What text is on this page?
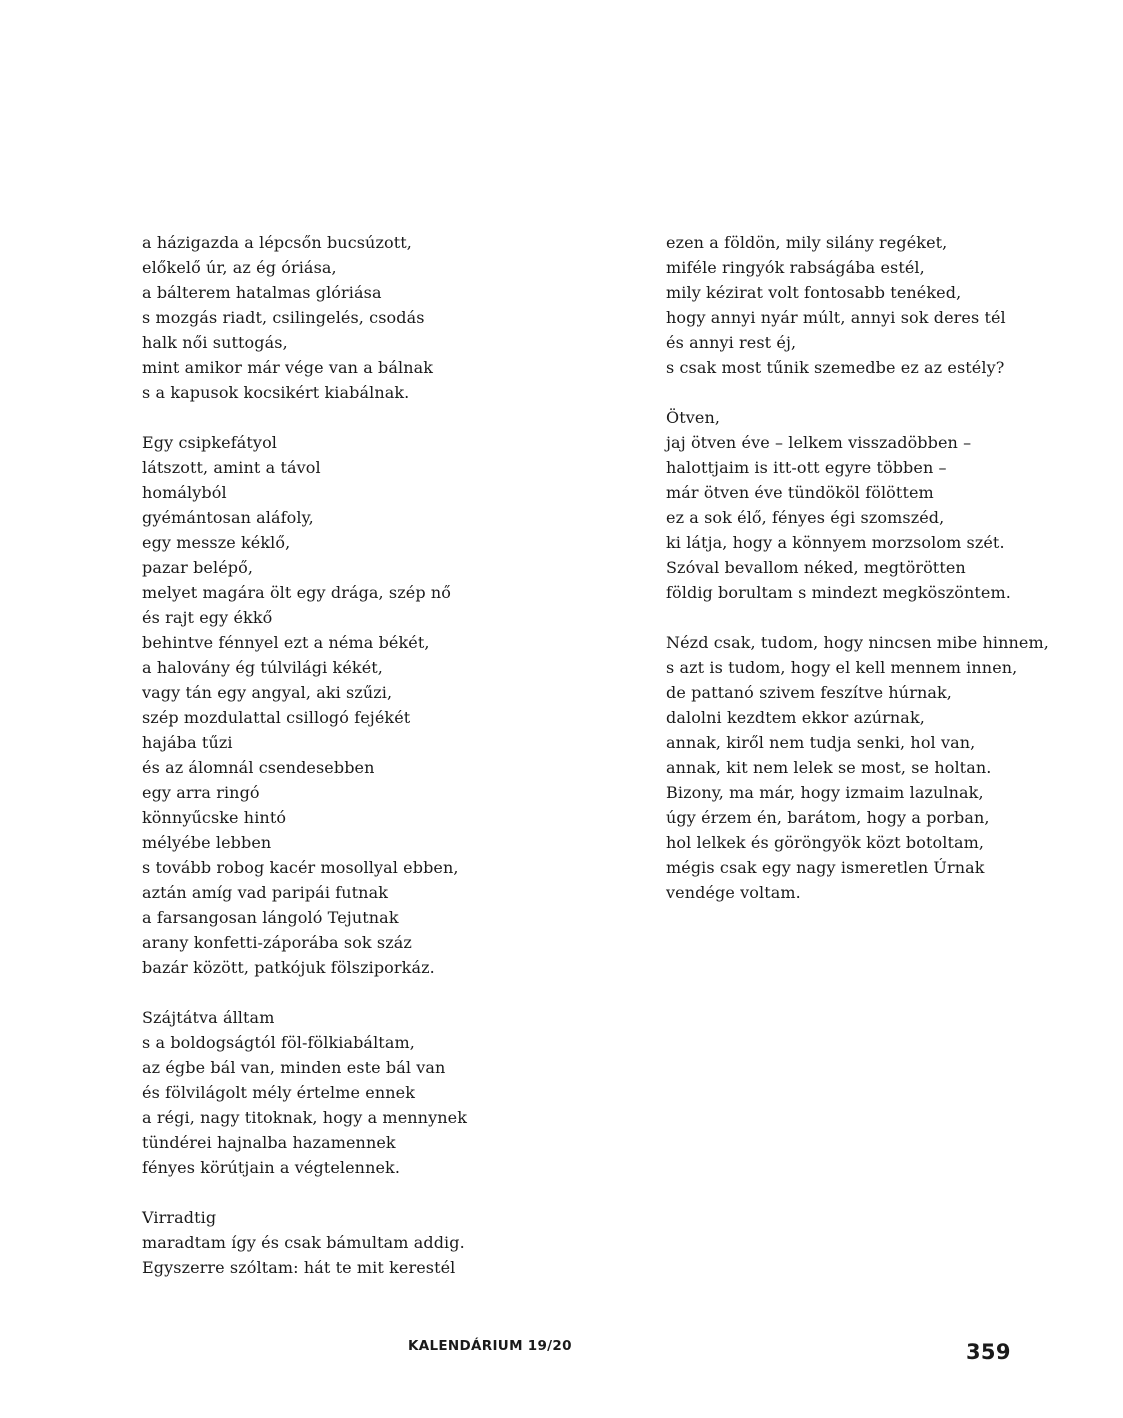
a házigazda a lépcsőn bucsúzott,
előkelő úr, az ég óriása,
a bálterem hatalmas glóriása
s mozgás riadt, csilingelés, csodás
halk női suttogás,
mint amikor már vége van a bálnak
s a kapusok kocsikért kiabálnak.
Egy csipkefátyol
látszott, amint a távol
homályból
gyémántosan aláfoly,
egy messze kéklő,
pazar belépő,
melyet magára ölt egy drága, szép nő
és rajt egy ékkő
behintve fénnyel ezt a néma békét,
a halovány ég túlvilági kékét,
vagy tán egy angyal, aki szűzi,
szép mozdulattal csillogó fejékét
hajába tűzi
és az álomnál csendesebben
egy arra ringó
könnyűcske hintó
mélyébe lebben
s tovább robog kacér mosollyal ebben,
aztán amíg vad paripái futnak
a farsangosan lángoló Tejutnak
arany konfetti-záporába sok száz
bazár között, patkójuk fölsziporkáz.
Szájtátva álltam
s a boldogságtól föl-fölkiabáltam,
az égbe bál van, minden este bál van
és fölvilágolt mély értelme ennek
a régi, nagy titoknak, hogy a mennynek
tündérei hajnalba hazamennek
fényes körútjain a végtelennek.
Virradtig
maradtam így és csak bámultam addig.
Egyszerre szóltam: hát te mit kerestél
ezen a földön, mily silány regéket,
miféle ringyók rabságába estél,
mily kézirat volt fontosabb tenéked,
hogy annyi nyár múlt, annyi sok deres tél
és annyi rest éj,
s csak most tűnik szemedbe ez az estély?
Ötven,
jaj ötven éve – lelkem visszadöbben –
halottjaim is itt-ott egyre többen –
már ötven éve tündököl fölöttem
ez a sok élő, fényes égi szomszéd,
ki látja, hogy a könnyem morzsolom szét.
Szóval bevallom néked, megtörötten
földig borultam s mindezt megköszöntem.
Nézd csak, tudom, hogy nincsen mibe hinnem,
s azt is tudom, hogy el kell mennem innen,
de pattanó szivem feszítve húrnak,
dalolni kezdtem ekkor azúrnak,
annak, kiről nem tudja senki, hol van,
annak, kit nem lelek se most, se holtan.
Bizony, ma már, hogy izmaim lazulnak,
úgy érzem én, barátom, hogy a porban,
hol lelkek és göröngyök közt botoltam,
mégis csak egy nagy ismeretlen Úrnak
vendége voltam.
KALENDÁRIUM 19/20	359
